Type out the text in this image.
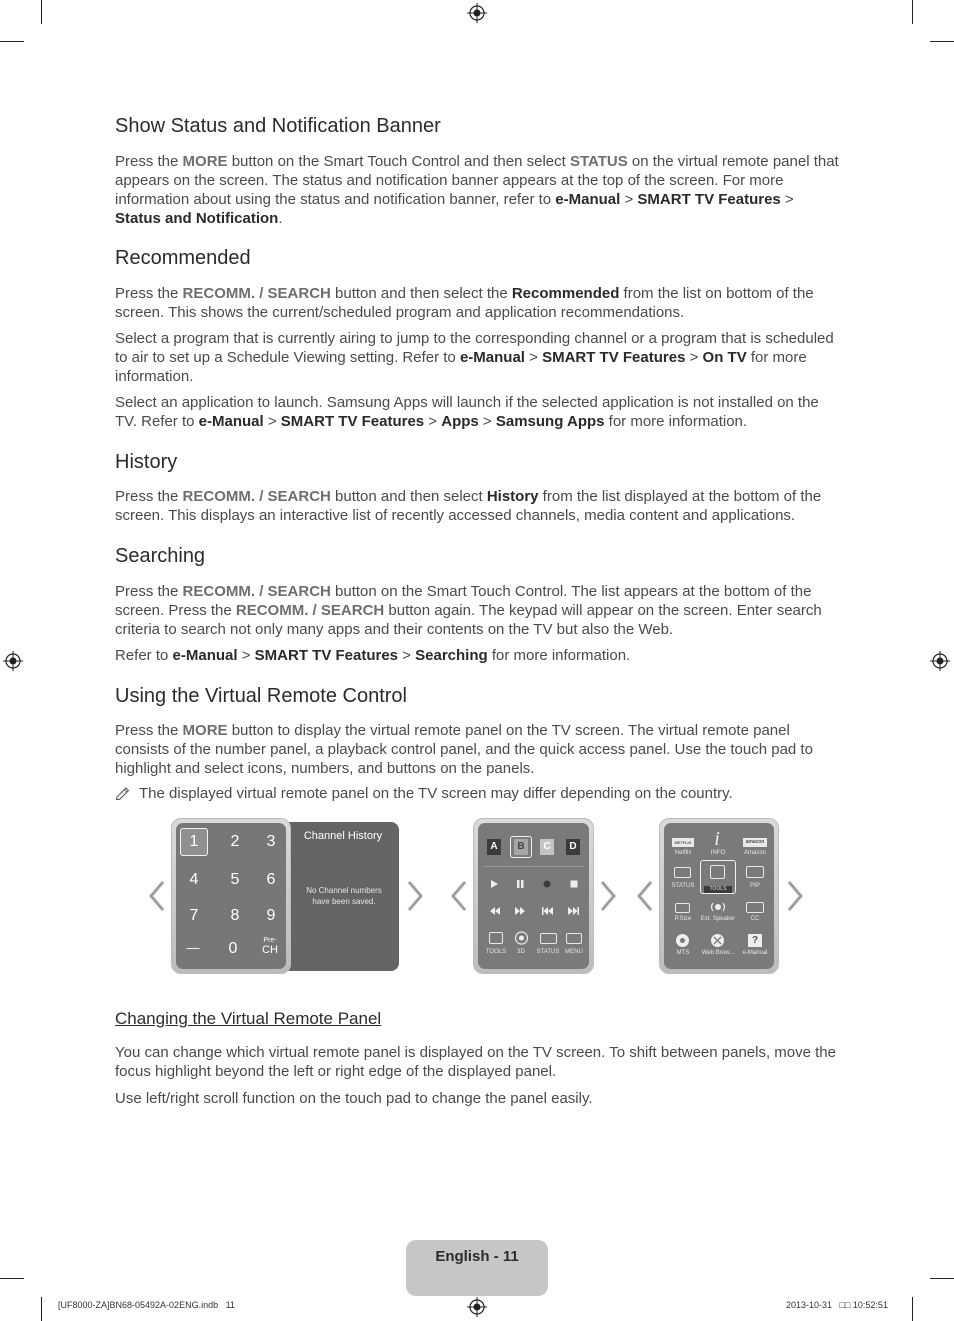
Show Status and Notification Banner

Press the MORE button on the Smart Touch Control and then select STATUS on the virtual remote panel that appears on the screen. The status and notification banner appears at the top of the screen. For more information about using the status and notification banner, refer to e-Manual > SMART TV Features > Status and Notification.

Recommended

Press the RECOMM. / SEARCH button and then select the Recommended from the list on bottom of the screen. This shows the current/scheduled program and application recommendations.

Select a program that is currently airing to jump to the corresponding channel or a program that is scheduled to air to set up a Schedule Viewing setting. Refer to e-Manual > SMART TV Features > On TV for more information.

Select an application to launch. Samsung Apps will launch if the selected application is not installed on the TV. Refer to e-Manual > SMART TV Features > Apps > Samsung Apps for more information.

History

Press the RECOMM. / SEARCH button and then select History from the list displayed at the bottom of the screen. This displays an interactive list of recently accessed channels, media content and applications.

Searching

Press the RECOMM. / SEARCH button on the Smart Touch Control. The list appears at the bottom of the screen. Press the RECOMM. / SEARCH button again. The keypad will appear on the screen. Enter search criteria to search not only many apps and their contents on the TV but also the Web.

Refer to e-Manual > SMART TV Features > Searching for more information.

Using the Virtual Remote Control

Press the MORE button to display the virtual remote panel on the TV screen. The virtual remote panel consists of the number panel, a playback control panel, and the quick access panel. Use the touch pad to highlight and select icons, numbers, and buttons on the panels.

The displayed virtual remote panel on the TV screen may differ depending on the country.
Channel History
No Channel numbers have been saved.
1	2	3
4	5	6
7	8	9
—	0	Pre-
CH
A	B	C	D
TOOLS	3D	STATUS MENU
NETFLIX	i	amazon
Netflix	INFO	Amazon
TOOLS
STATUS	PIP
P.Size	Ext. Speaker	CC
?
MTS	Web Brow...	e-Manual
Changing the Virtual Remote Panel

You can change which virtual remote panel is displayed on the TV screen. To shift between panels, move the focus highlight beyond the left or right edge of the displayed panel.

Use left/right scroll function on the touch pad to change the panel easily.

English - 11
[UF8000-ZA]BN68-05492A-02ENG.indb   11	2013-10-31   □□ 10:52:51
